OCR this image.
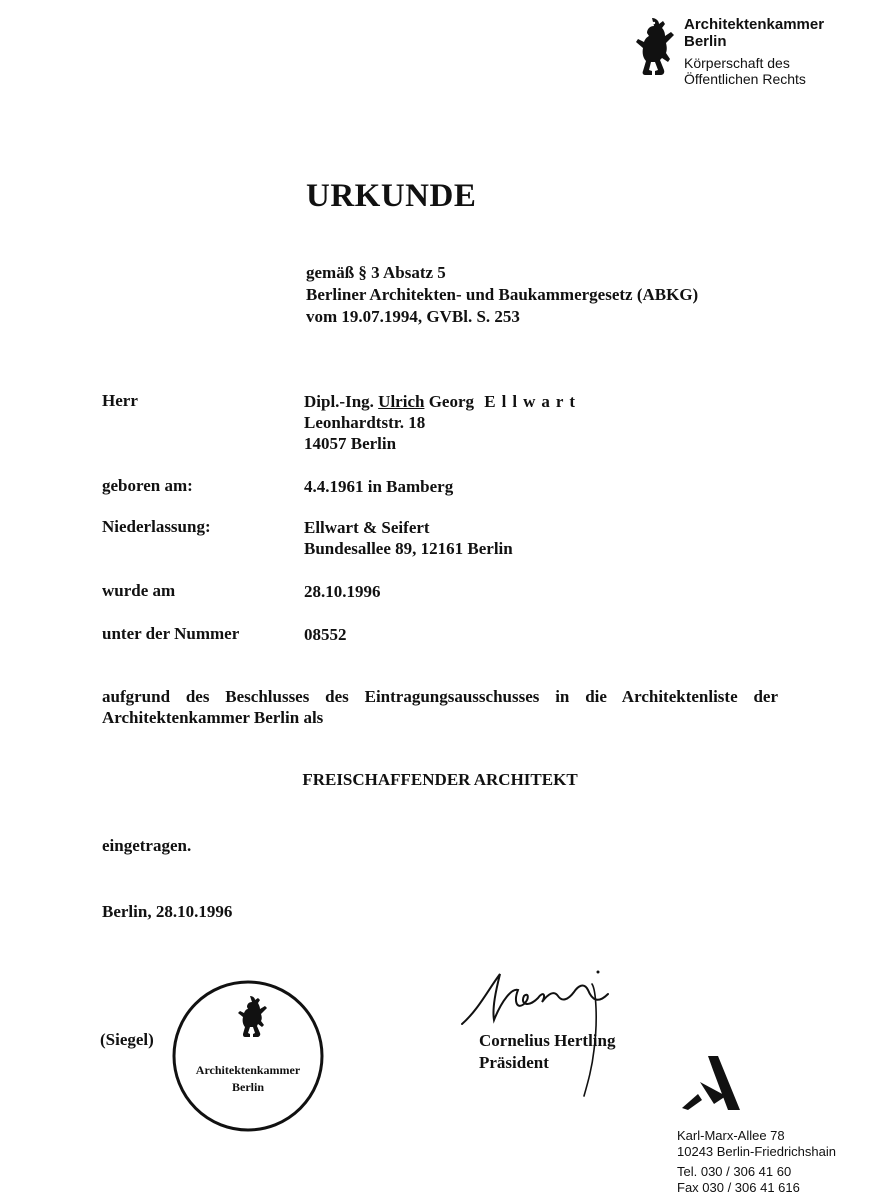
Architektenkammer
Berlin
Körperschaft des
Öffentlichen Rechts
URKUNDE
gemäß § 3 Absatz 5
Berliner Architekten- und Baukammergesetz (ABKG)
vom 19.07.1994, GVBl. S. 253
Herr	Dipl.-Ing. Ulrich Georg Ellwart
Leonhardtstr. 18
14057 Berlin
geboren am:	4.4.1961 in Bamberg
Niederlassung:	Ellwart & Seifert
Bundesallee 89, 12161 Berlin
wurde am	28.10.1996
unter der Nummer	08552
aufgrund des Beschlusses des Eintragungsausschusses in die Architektenliste der
Architektenkammer Berlin als
FREISCHAFFENDER ARCHITEKT
eingetragen.
Berlin, 28.10.1996
(Siegel)
Architektenkammer
Berlin
Cornelius Hertling
Präsident
Karl-Marx-Allee 78
10243 Berlin-Friedrichshain
Tel. 030 / 306 41 60
Fax 030 / 306 41 616
